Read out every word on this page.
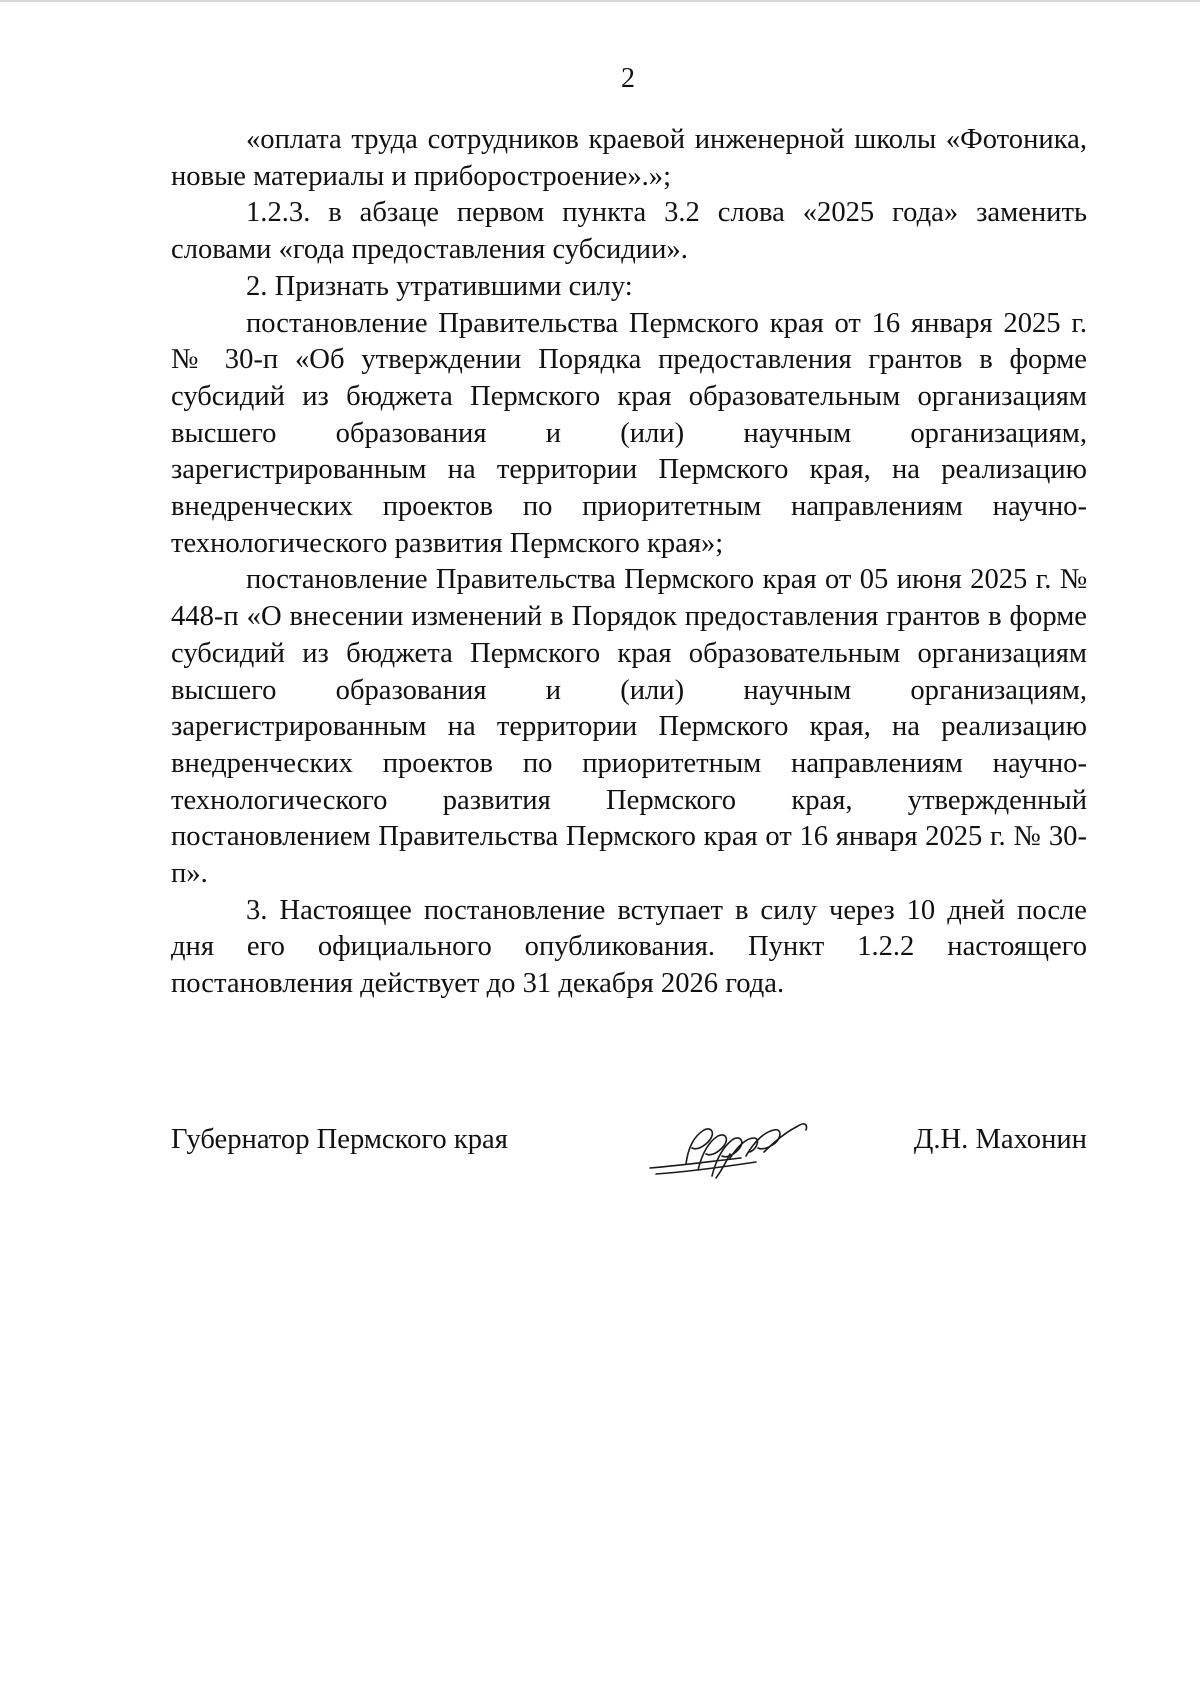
2

«оплата труда сотрудников краевой инженерной школы «Фотоника, новые материалы и приборостроение».»;

1.2.3. в абзаце первом пункта 3.2 слова «2025 года» заменить словами «года предоставления субсидии».

2. Признать утратившими силу:

постановление Правительства Пермского края от 16 января 2025 г. № 30-п «Об утверждении Порядка предоставления грантов в форме субсидий из бюджета Пермского края образовательным организациям высшего образования и (или) научным организациям, зарегистрированным на территории Пермского края, на реализацию внедренческих проектов по приоритетным направлениям научно-технологического развития Пермского края»;

постановление Правительства Пермского края от 05 июня 2025 г. № 448-п «О внесении изменений в Порядок предоставления грантов в форме субсидий из бюджета Пермского края образовательным организациям высшего образования и (или) научным организациям, зарегистрированным на территории Пермского края, на реализацию внедренческих проектов по приоритетным направлениям научно-технологического развития Пермского края, утвержденный постановлением Правительства Пермского края от 16 января 2025 г. № 30-п».

3. Настоящее постановление вступает в силу через 10 дней после дня его официального опубликования. Пункт 1.2.2 настоящего постановления действует до 31 декабря 2026 года.

Губернатор Пермского края	Д.Н. Махонин
